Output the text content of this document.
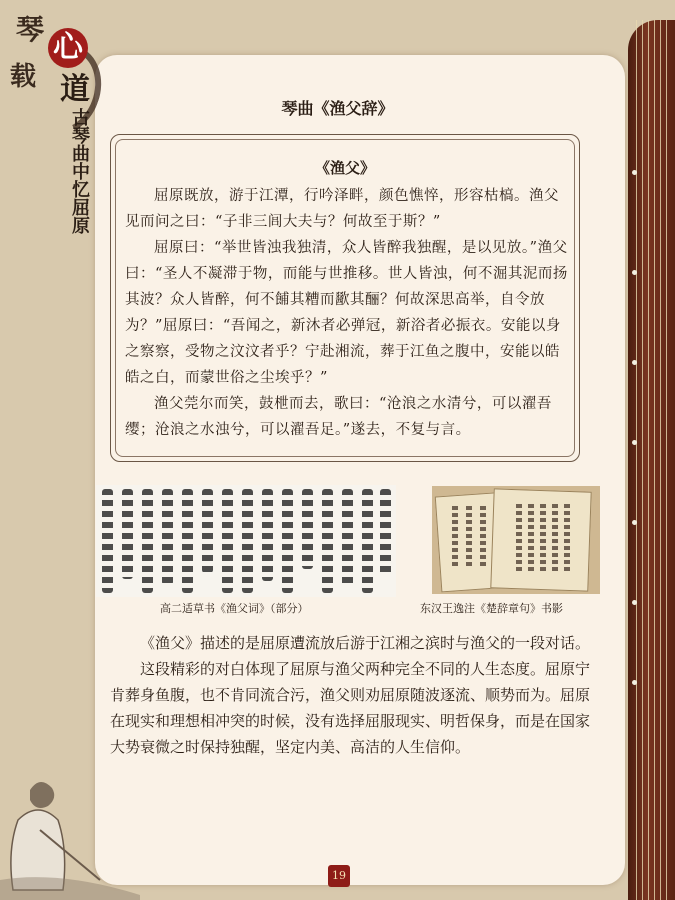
琴
载
心
道
古琴曲中忆屈原	琴曲《渔父辞》
《渔父》

屈原既放，游于江潭，行吟泽畔，颜色憔悴，形容枯槁。渔父见而问之曰：“子非三闾大夫与？何故至于斯？”

屈原曰：“举世皆浊我独清，众人皆醉我独醒，是以见放。”渔父曰：“圣人不凝滞于物，而能与世推移。世人皆浊，何不淈其泥而扬其波？众人皆醉，何不餔其糟而歠其酾？何故深思高举，自令放为？”屈原曰：“吾闻之，新沐者必弹冠，新浴者必振衣。安能以身之察察，受物之汶汶者乎？宁赴湘流，葬于江鱼之腹中，安能以皓皓之白，而蒙世俗之尘埃乎？”

渔父莞尔而笑，鼓枻而去，歌曰：“沧浪之水清兮，可以濯吾缨；沧浪之水浊兮，可以濯吾足。”遂去，不复与言。

高二适草书《渔父词》（部分）	东汉王逸注《楚辞章句》书影

《渔父》描述的是屈原遭流放后游于江湘之滨时与渔父的一段对话。

这段精彩的对白体现了屈原与渔父两种完全不同的人生态度。屈原宁肯葬身鱼腹，也不肯同流合污，渔父则劝屈原随波逐流、顺势而为。屈原在现实和理想相冲突的时候，没有选择屈服现实、明哲保身，而是在国家大势衰微之时保持独醒，坚定内美、高洁的人生信仰。

19
